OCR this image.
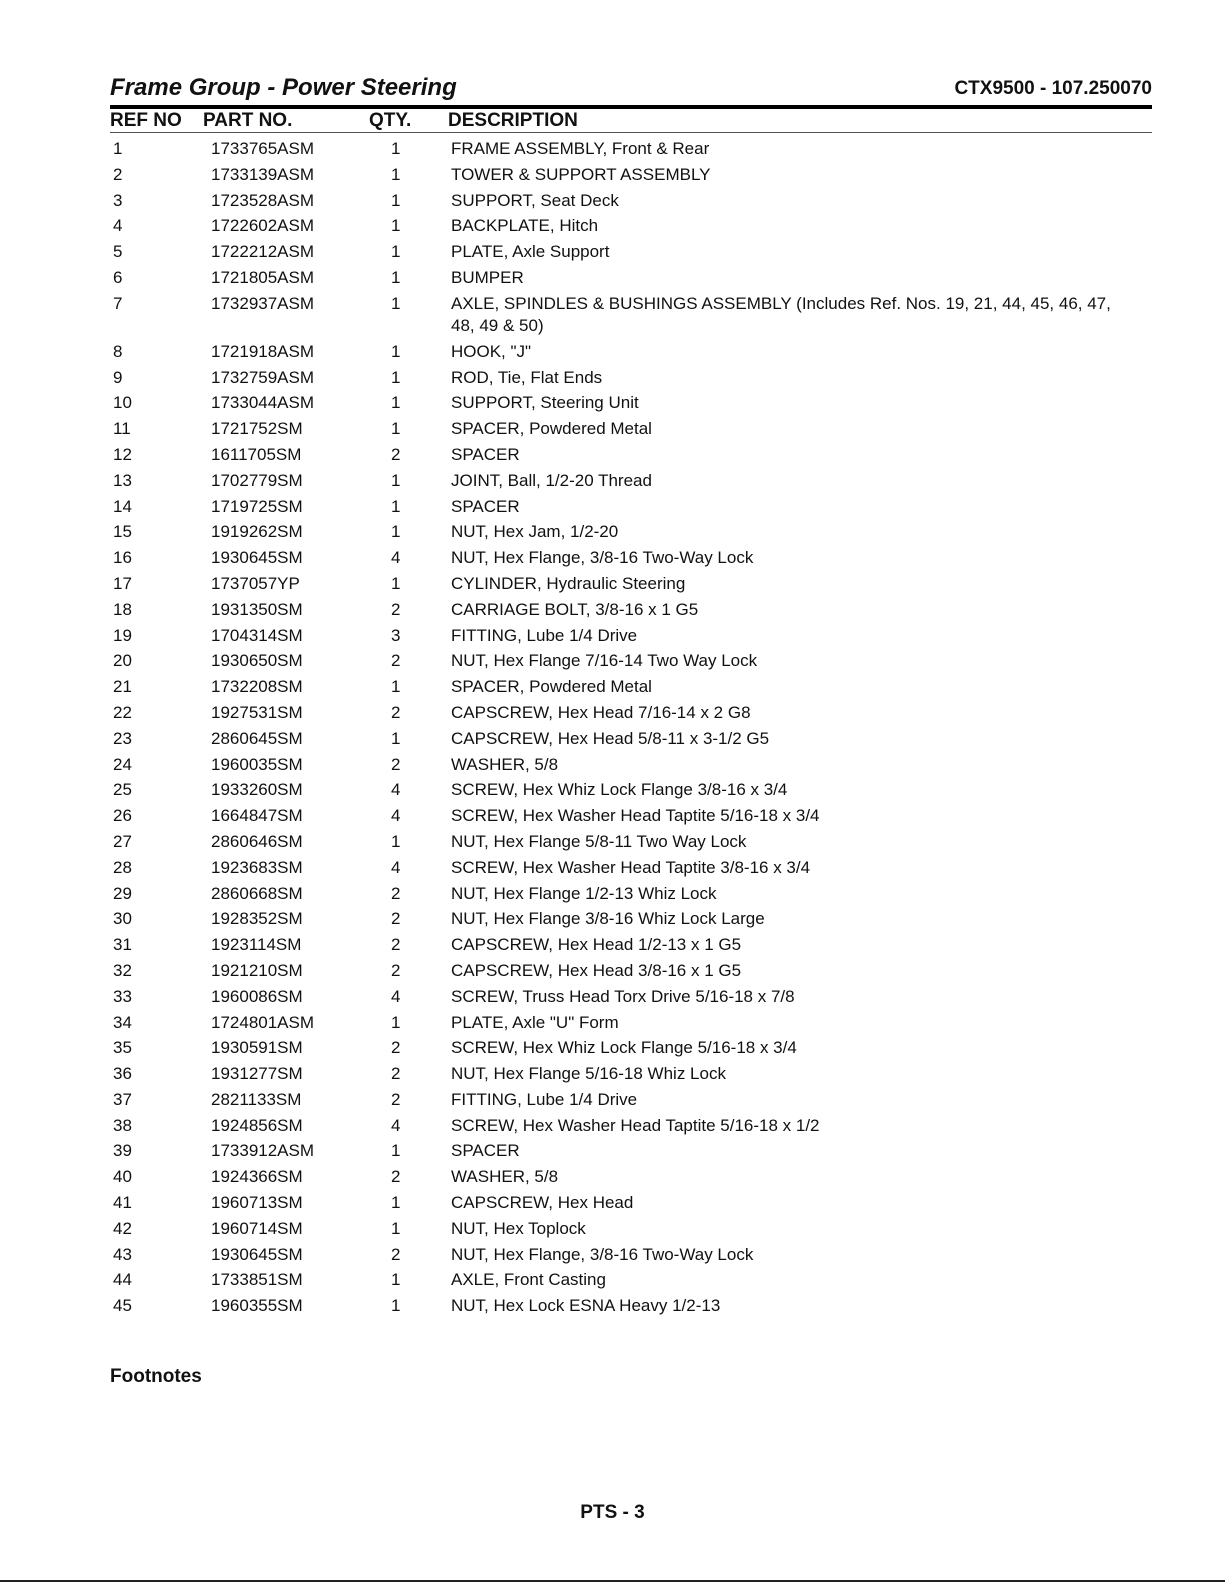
Frame Group - Power Steering	CTX9500 - 107.250070
REF NO PART NO.	QTY. DESCRIPTION
1	1733765ASM	1	FRAME ASSEMBLY, Front & Rear
2	1733139ASM	1	TOWER & SUPPORT ASSEMBLY
3	1723528ASM	1	SUPPORT, Seat Deck
4	1722602ASM	1	BACKPLATE, Hitch
5	1722212ASM	1	PLATE, Axle Support
6	1721805ASM	1	BUMPER
7	1732937ASM	1	AXLE, SPINDLES & BUSHINGS ASSEMBLY (Includes Ref. Nos. 19, 21, 44, 45, 46, 47, 48, 49 & 50)
8	1721918ASM	1	HOOK, "J"
9	1732759ASM	1	ROD, Tie, Flat Ends
10	1733044ASM	1	SUPPORT, Steering Unit
11	1721752SM	1	SPACER, Powdered Metal
12	1611705SM	2	SPACER
13	1702779SM	1	JOINT, Ball, 1/2-20 Thread
14	1719725SM	1	SPACER
15	1919262SM	1	NUT, Hex Jam, 1/2-20
16	1930645SM	4	NUT, Hex Flange, 3/8-16 Two-Way Lock
17	1737057YP	1	CYLINDER, Hydraulic Steering
18	1931350SM	2	CARRIAGE BOLT, 3/8-16 x 1 G5
19	1704314SM	3	FITTING, Lube 1/4 Drive
20	1930650SM	2	NUT, Hex Flange 7/16-14 Two Way Lock
21	1732208SM	1	SPACER, Powdered Metal
22	1927531SM	2	CAPSCREW, Hex Head 7/16-14 x 2 G8
23	2860645SM	1	CAPSCREW, Hex Head 5/8-11 x 3-1/2 G5
24	1960035SM	2	WASHER, 5/8
25	1933260SM	4	SCREW, Hex Whiz Lock Flange 3/8-16 x 3/4
26	1664847SM	4	SCREW, Hex Washer Head Taptite 5/16-18 x 3/4
27	2860646SM	1	NUT, Hex Flange 5/8-11 Two Way Lock
28	1923683SM	4	SCREW, Hex Washer Head Taptite 3/8-16 x 3/4
29	2860668SM	2	NUT, Hex Flange 1/2-13 Whiz Lock
30	1928352SM	2	NUT, Hex Flange 3/8-16 Whiz Lock Large
31	1923114SM	2	CAPSCREW, Hex Head 1/2-13 x 1 G5
32	1921210SM	2	CAPSCREW, Hex Head 3/8-16 x 1 G5
33	1960086SM	4	SCREW, Truss Head Torx Drive 5/16-18 x 7/8
34	1724801ASM	1	PLATE, Axle "U" Form
35	1930591SM	2	SCREW, Hex Whiz Lock Flange 5/16-18 x 3/4
36	1931277SM	2	NUT, Hex Flange 5/16-18 Whiz Lock
37	2821133SM	2	FITTING, Lube 1/4 Drive
38	1924856SM	4	SCREW, Hex Washer Head Taptite 5/16-18 x 1/2
39	1733912ASM	1	SPACER
40	1924366SM	2	WASHER, 5/8
41	1960713SM	1	CAPSCREW, Hex Head
42	1960714SM	1	NUT, Hex Toplock
43	1930645SM	2	NUT, Hex Flange, 3/8-16 Two-Way Lock
44	1733851SM	1	AXLE, Front Casting
45	1960355SM	1	NUT, Hex Lock ESNA Heavy 1/2-13
Footnotes
PTS - 3
